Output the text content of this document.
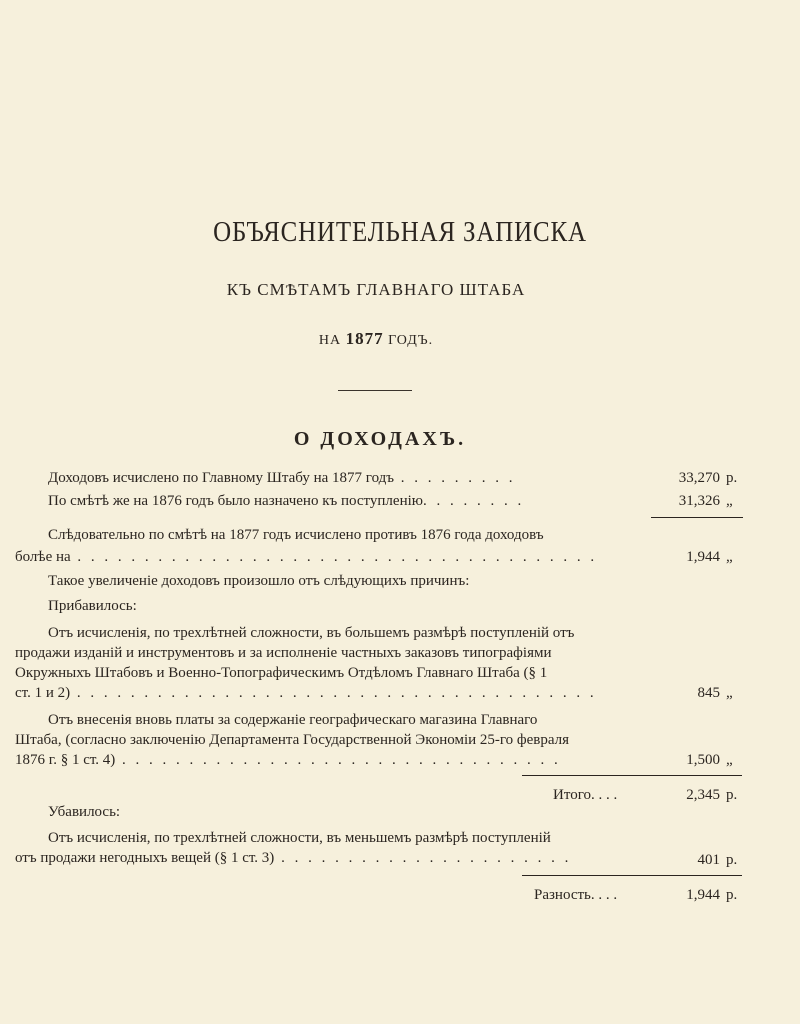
ОБЪЯСНИТЕЛЬНАЯ ЗАПИСКА
КЪ СМѢТАМЪ ГЛАВНАГО ШТАБА
НА 1877 ГОДЪ.
О ДОХОДАХЪ.
Доходовъ исчислено по Главному Штабу на 1877 годъ . . . . . . . . .	33,270 р.
По смѣтѣ же на 1876 годъ было назначено къ поступленію. . . . . . . .	31,326 „
Слѣдовательно по смѣтѣ на 1877 годъ исчислено противъ 1876 года доходовъ
болѣе на . . . . . . . . . . . . . . . . . . . . . . . . . . . . . . . . . . . . . . .	1,944 „
Такое увеличеніе доходовъ произошло отъ слѣдующихъ причинъ:
Прибавилось:
Отъ исчисленія, по трехлѣтней сложности, въ большемъ размѣрѣ поступленій отъ
продажи изданій и инструментовъ и за исполненіе частныхъ заказовъ типографіями
Окружныхъ Штабовъ и Военно-Топографическимъ Отдѣломъ Главнаго Штаба (§ 1
ст. 1 и 2) . . . . . . . . . . . . . . . . . . . . . . . . . . . . . . . . . . . . . . .	845 „
Отъ внесенія вновь платы за содержаніе географическаго магазина Главнаго
Штаба, (согласно заключенію Департамента Государственной Экономіи 25-го февраля
1876 г. § 1 ст. 4) . . . . . . . . . . . . . . . . . . . . . . . . . . . . . . . . .	1,500 „
Итого. . . .	2,345 р.
Убавилось:
Отъ исчисленія, по трехлѣтней сложности, въ меньшемъ размѣрѣ поступленій
отъ продажи негодныхъ вещей (§ 1 ст. 3) . . . . . . . . . . . . . . . . . . . . . .	401 р.
Разность. . . .	1,944 р.
